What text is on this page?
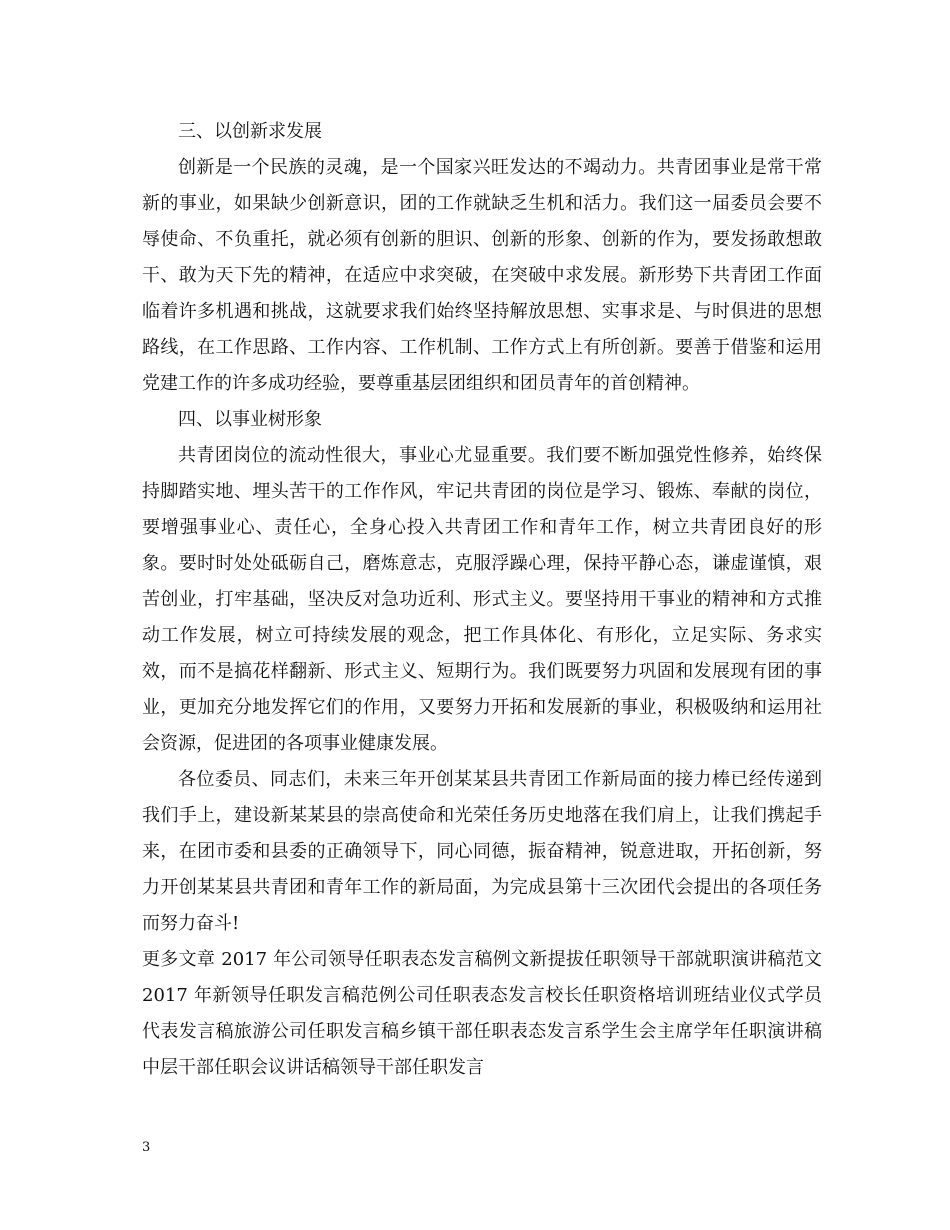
三、以创新求发展

创新是一个民族的灵魂，是一个国家兴旺发达的不竭动力。共青团事业是常干常新的事业，如果缺少创新意识，团的工作就缺乏生机和活力。我们这一届委员会要不辱使命、不负重托，就必须有创新的胆识、创新的形象、创新的作为，要发扬敢想敢干、敢为天下先的精神，在适应中求突破，在突破中求发展。新形势下共青团工作面临着许多机遇和挑战，这就要求我们始终坚持解放思想、实事求是、与时俱进的思想路线，在工作思路、工作内容、工作机制、工作方式上有所创新。要善于借鉴和运用党建工作的许多成功经验，要尊重基层团组织和团员青年的首创精神。

四、以事业树形象

共青团岗位的流动性很大，事业心尤显重要。我们要不断加强党性修养，始终保持脚踏实地、埋头苦干的工作作风，牢记共青团的岗位是学习、锻炼、奉献的岗位，要增强事业心、责任心，全身心投入共青团工作和青年工作，树立共青团良好的形象。要时时处处砥砺自己，磨炼意志，克服浮躁心理，保持平静心态，谦虚谨慎，艰苦创业，打牢基础，坚决反对急功近利、形式主义。要坚持用干事业的精神和方式推动工作发展，树立可持续发展的观念，把工作具体化、有形化，立足实际、务求实效，而不是搞花样翻新、形式主义、短期行为。我们既要努力巩固和发展现有团的事业，更加充分地发挥它们的作用，又要努力开拓和发展新的事业，积极吸纳和运用社会资源，促进团的各项事业健康发展。

各位委员、同志们，未来三年开创某某县共青团工作新局面的接力棒已经传递到我们手上，建设新某某县的崇高使命和光荣任务历史地落在我们肩上，让我们携起手来，在团市委和县委的正确领导下，同心同德，振奋精神，锐意进取，开拓创新，努力开创某某县共青团和青年工作的新局面，为完成县第十三次团代会提出的各项任务而努力奋斗!

更多文章 2017 年公司领导任职表态发言稿例文新提拔任职领导干部就职演讲稿范文 2017 年新领导任职发言稿范例公司任职表态发言校长任职资格培训班结业仪式学员代表发言稿旅游公司任职发言稿乡镇干部任职表态发言系学生会主席学年任职演讲稿中层干部任职会议讲话稿领导干部任职发言

3
